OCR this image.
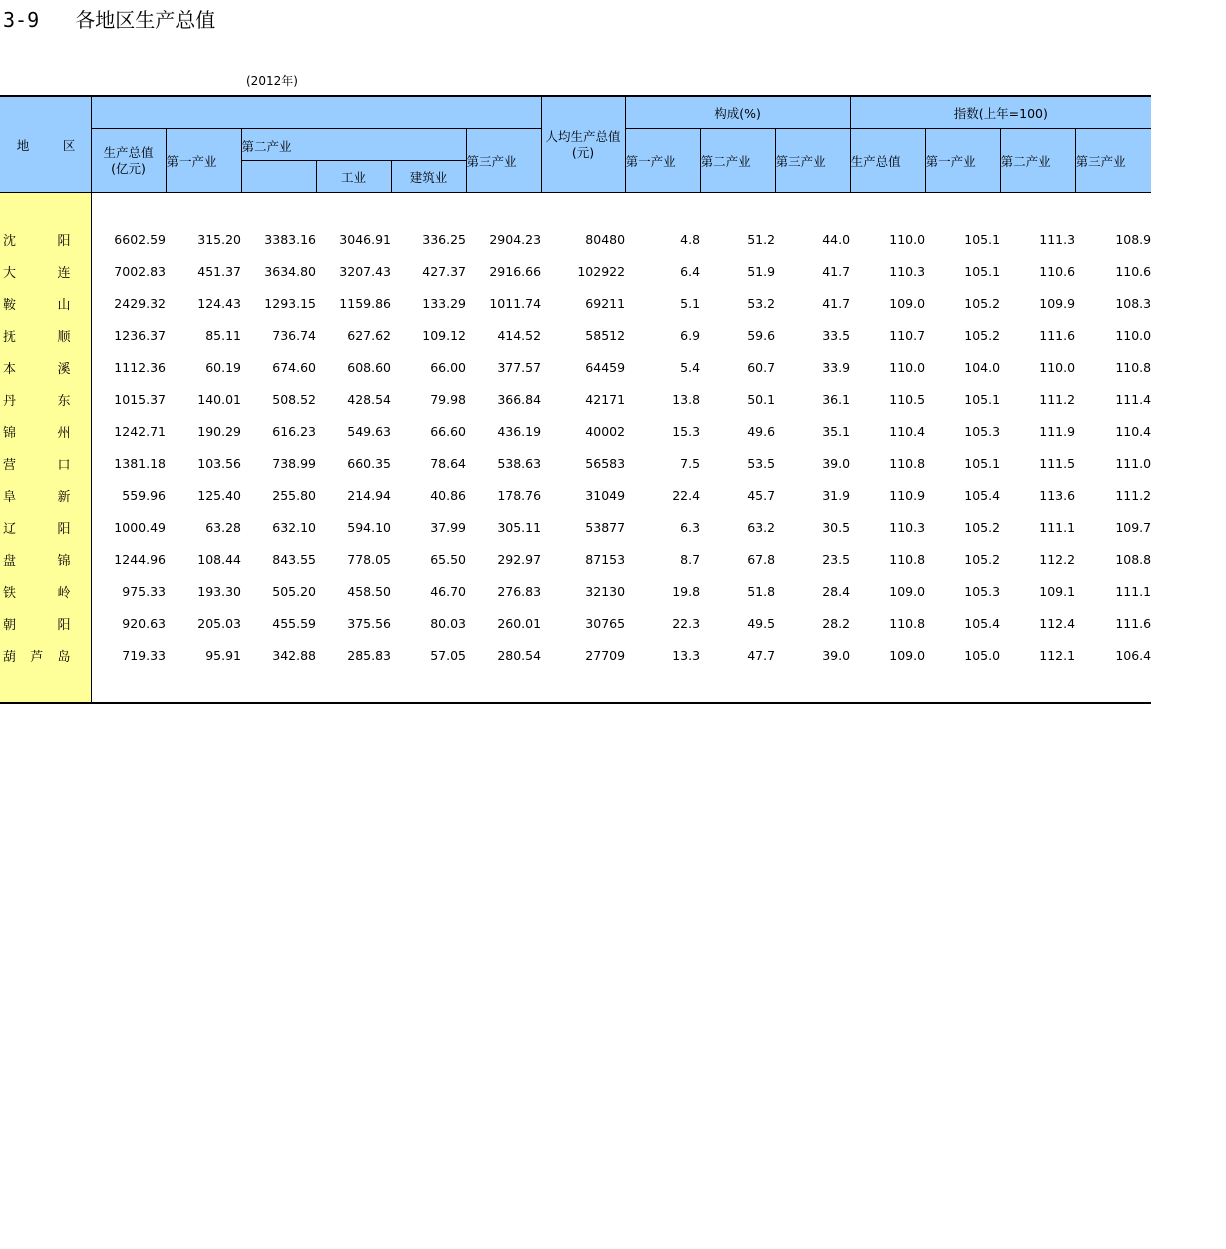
3-9   各地区生产总值
(2012年)
地 区							人均生产总值
(元)	构成(%)			指数(上年=100)			

	生产总值
(亿元)	第一产业	第二产业			第三产业		第一产业	第二产业	第三产业	生产总值	第一产业	第二产业	第三产业
				工业	建筑业									

沈 阳	6602.59	315.20	3383.16	3046.91	336.25	2904.23	80480	4.8	51.2	44.0	110.0	105.1	111.3	108.9

大 连	7002.83	451.37	3634.80	3207.43	427.37	2916.66	102922	6.4	51.9	41.7	110.3	105.1	110.6	110.6

鞍 山	2429.32	124.43	1293.15	1159.86	133.29	1011.74	69211	5.1	53.2	41.7	109.0	105.2	109.9	108.3

抚 顺	1236.37	85.11	736.74	627.62	109.12	414.52	58512	6.9	59.6	33.5	110.7	105.2	111.6	110.0

本 溪	1112.36	60.19	674.60	608.60	66.00	377.57	64459	5.4	60.7	33.9	110.0	104.0	110.0	110.8

丹 东	1015.37	140.01	508.52	428.54	79.98	366.84	42171	13.8	50.1	36.1	110.5	105.1	111.2	111.4

锦 州	1242.71	190.29	616.23	549.63	66.60	436.19	40002	15.3	49.6	35.1	110.4	105.3	111.9	110.4

营 口	1381.18	103.56	738.99	660.35	78.64	538.63	56583	7.5	53.5	39.0	110.8	105.1	111.5	111.0

阜 新	559.96	125.40	255.80	214.94	40.86	178.76	31049	22.4	45.7	31.9	110.9	105.4	113.6	111.2

辽 阳	1000.49	63.28	632.10	594.10	37.99	305.11	53877	6.3	63.2	30.5	110.3	105.2	111.1	109.7

盘 锦	1244.96	108.44	843.55	778.05	65.50	292.97	87153	8.7	67.8	23.5	110.8	105.2	112.2	108.8

铁 岭	975.33	193.30	505.20	458.50	46.70	276.83	32130	19.8	51.8	28.4	109.0	105.3	109.1	111.1

朝 阳	920.63	205.03	455.59	375.56	80.03	260.01	30765	22.3	49.5	28.2	110.8	105.4	112.4	111.6

葫 芦 岛	719.33	95.91	342.88	285.83	57.05	280.54	27709	13.3	47.7	39.0	109.0	105.0	112.1	106.4
